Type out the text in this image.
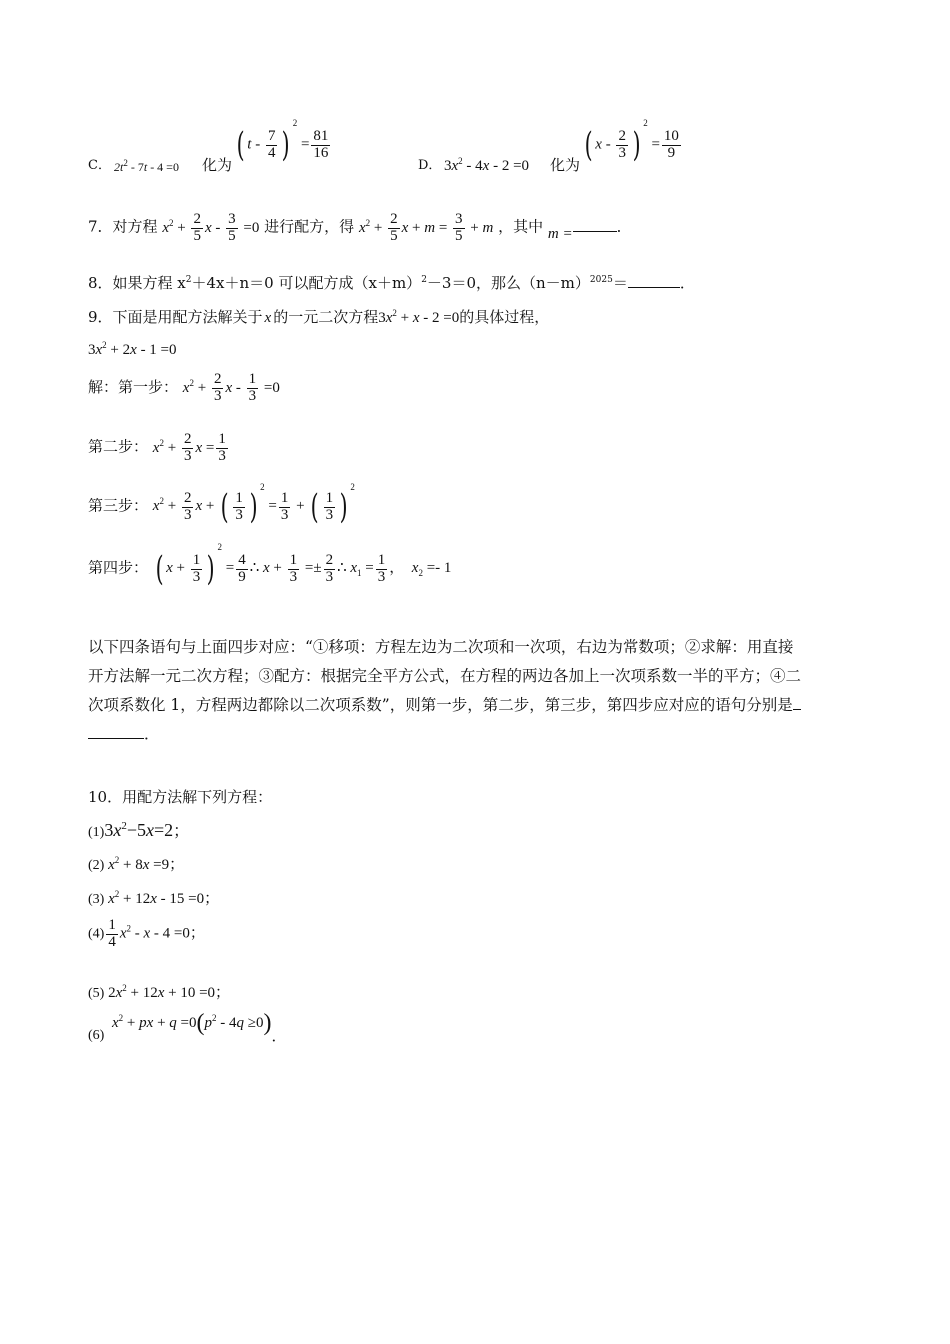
C． $2t^2 - 7t - 4 =0$ 化为 ( $t - \frac{7}{4} )^2 = \frac{81}{16}$
D． $3x^2 - 4x - 2 =0$ 化为 ( $x - \frac{2}{3} )^2 = \frac{10}{9}$
7．对方程 $x^2 + \frac{2}{5}$ $x - \frac{3}{5} =0$ 进行配方，得 $x^2 + \frac{2}{5}$ $x + m = \frac{3}{5} + m$ ，其中 m =	．
8．如果方程 $x^2+4x+n=0$ 可以配方成$(x+m)^2-3=0$，那么$(n-m)^{2025}=$	．
9．下面是用配方法解关于 x 的一元二次方程$3x^2 + x - 2 =0$的具体过程，
$3x^2 + 2x - 1 =0$
解：第一步： $x^2 + \frac{2}{3}$ $x - \frac{1}{3} =0$
第二步： $x^2 + \frac{2}{3}$ $x = \frac{1}{3}$
第三步： $x^2 + \frac{2}{3}$ x + ( $\frac{1}{3}$ ) $^2 = \frac{1}{3}$ + ( $\frac{1}{3}$ ) $^2$
第四步： ( $x + \frac{1}{3} )^2 = \frac{4}{9}$ ∴ $x + \frac{1}{3} =\pm \frac{2}{3}$ ∴ $x_1 = \frac{1}{3}$ ，  $x_2 =- 1$
以下四条语句与上面四步对应：“①移项：方程左边为二次项和一次项，右边为常数项；②求解：用直接
开方法解一元二次方程；③配方：根据完全平方公式，在方程的两边各加上一次项系数一半的平方；④二
次项系数化 1，方程两边都除以二次项系数”，则第一步，第二步，第三步，第四步应对应的语句分别是
．
10．用配方法解下列方程：
$(1)3x^2-5x=2$；
(2) $x^2 + 8x =9$；
(3) $x^2 + 12x - 15 =0$；
$(4) \frac{1}{4} x^2 - x - 4 =0$；
(5) $2x^2 + 12x + 10 =0$；
(6)
$x^2$ + px + $q =0(p^2 - 4q \ge 0)$．
